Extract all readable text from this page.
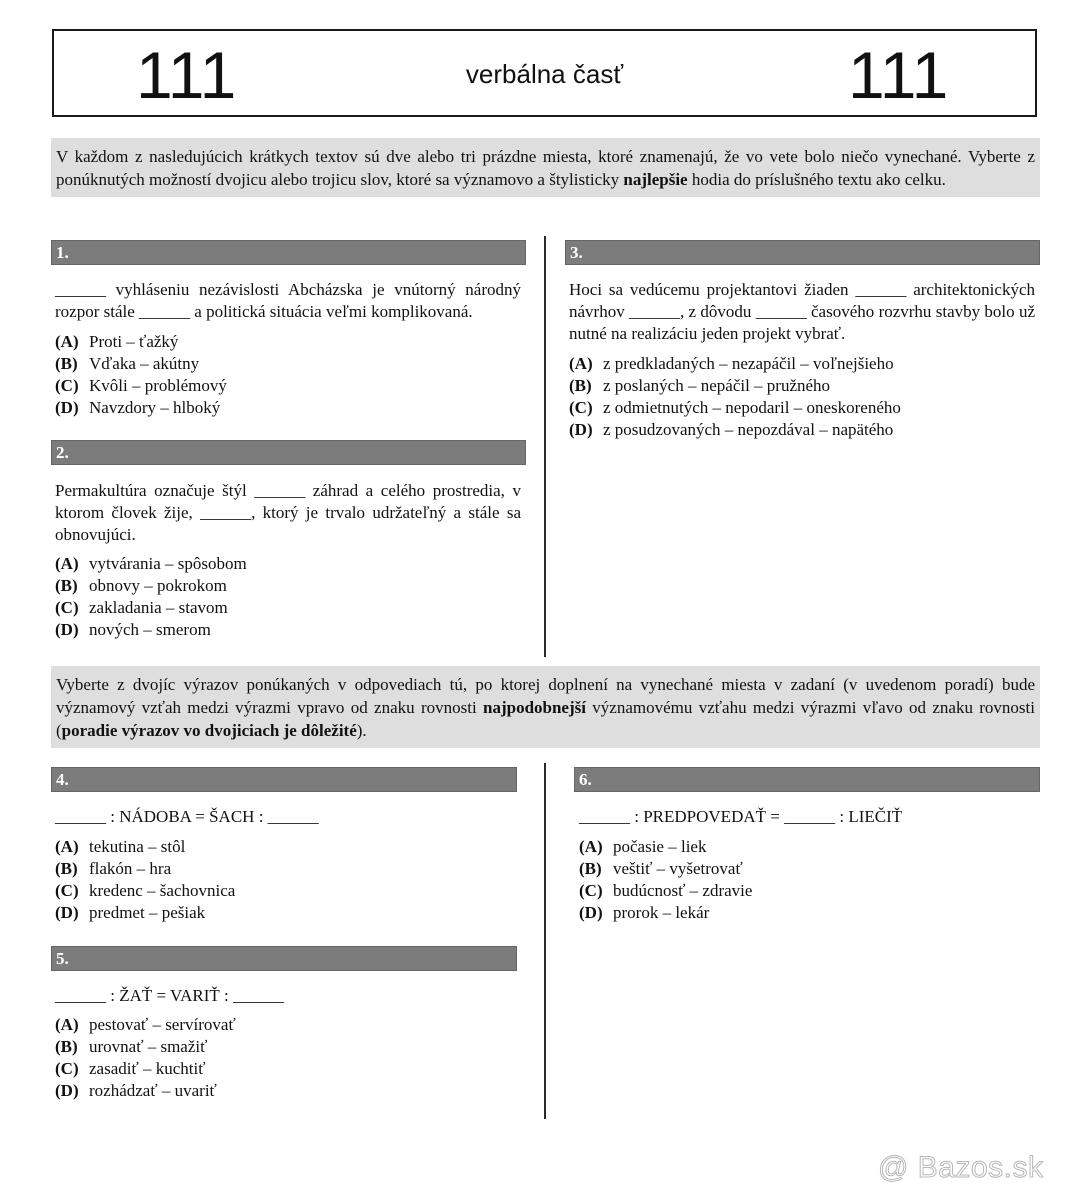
111	verbálna časť	111
V každom z nasledujúcich krátkych textov sú dve alebo tri prázdne miesta, ktoré znamenajú, že vo vete bolo niečo vynechané. Vyberte z ponúknutých možností dvojicu alebo trojicu slov, ktoré sa významovo a štylisticky najlepšie hodia do príslušného textu ako celku.
1.
______ vyhláseniu nezávislosti Abcházska je vnútorný národný rozpor stále ______ a politická situácia veľmi komplikovaná.
(A) Proti – ťažký
(B) Vďaka – akútny
(C) Kvôli – problémový
(D) Navzdory – hlboký
2.
Permakultúra označuje štýl ______ záhrad a celého prostredia, v ktorom človek žije, ______, ktorý je trvalo udržateľný a stále sa obnovujúci.
(A) vytvárania – spôsobom
(B) obnovy – pokrokom
(C) zakladania – stavom
(D) nových – smerom
3.
Hoci sa vedúcemu projektantovi žiaden ______ architektonických návrhov ______, z dôvodu ______ časového rozvrhu stavby bolo už nutné na realizáciu jeden projekt vybrať.
(A) z predkladaných – nezapáčil – voľnejšieho
(B) z poslaných – nepáčil – pružného
(C) z odmietnutých – nepodaril – oneskoreného
(D) z posudzovaných – nepozdával – napätého
Vyberte z dvojíc výrazov ponúkaných v odpovediach tú, po ktorej doplnení na vynechané miesta v zadaní (v uvedenom poradí) bude významový vzťah medzi výrazmi vpravo od znaku rovnosti najpodobnejší významovému vzťahu medzi výrazmi vľavo od znaku rovnosti (poradie výrazov vo dvojiciach je dôležité).
4.
______ : NÁDOBA = ŠACH : ______
(A) tekutina – stôl
(B) flakón – hra
(C) kredenc – šachovnica
(D) predmet – pešiak
5.
______ : ŽAŤ = VARIŤ : ______
(A) pestovať – servírovať
(B) urovnať – smažiť
(C) zasadiť – kuchtiť
(D) rozhádzať – uvariť
6.
______ : PREDPOVEDAŤ = ______ : LIEČIŤ
(A) počasie – liek
(B) veštiť – vyšetrovať
(C) budúcnosť – zdravie
(D) prorok – lekár
@ Bazos.sk
